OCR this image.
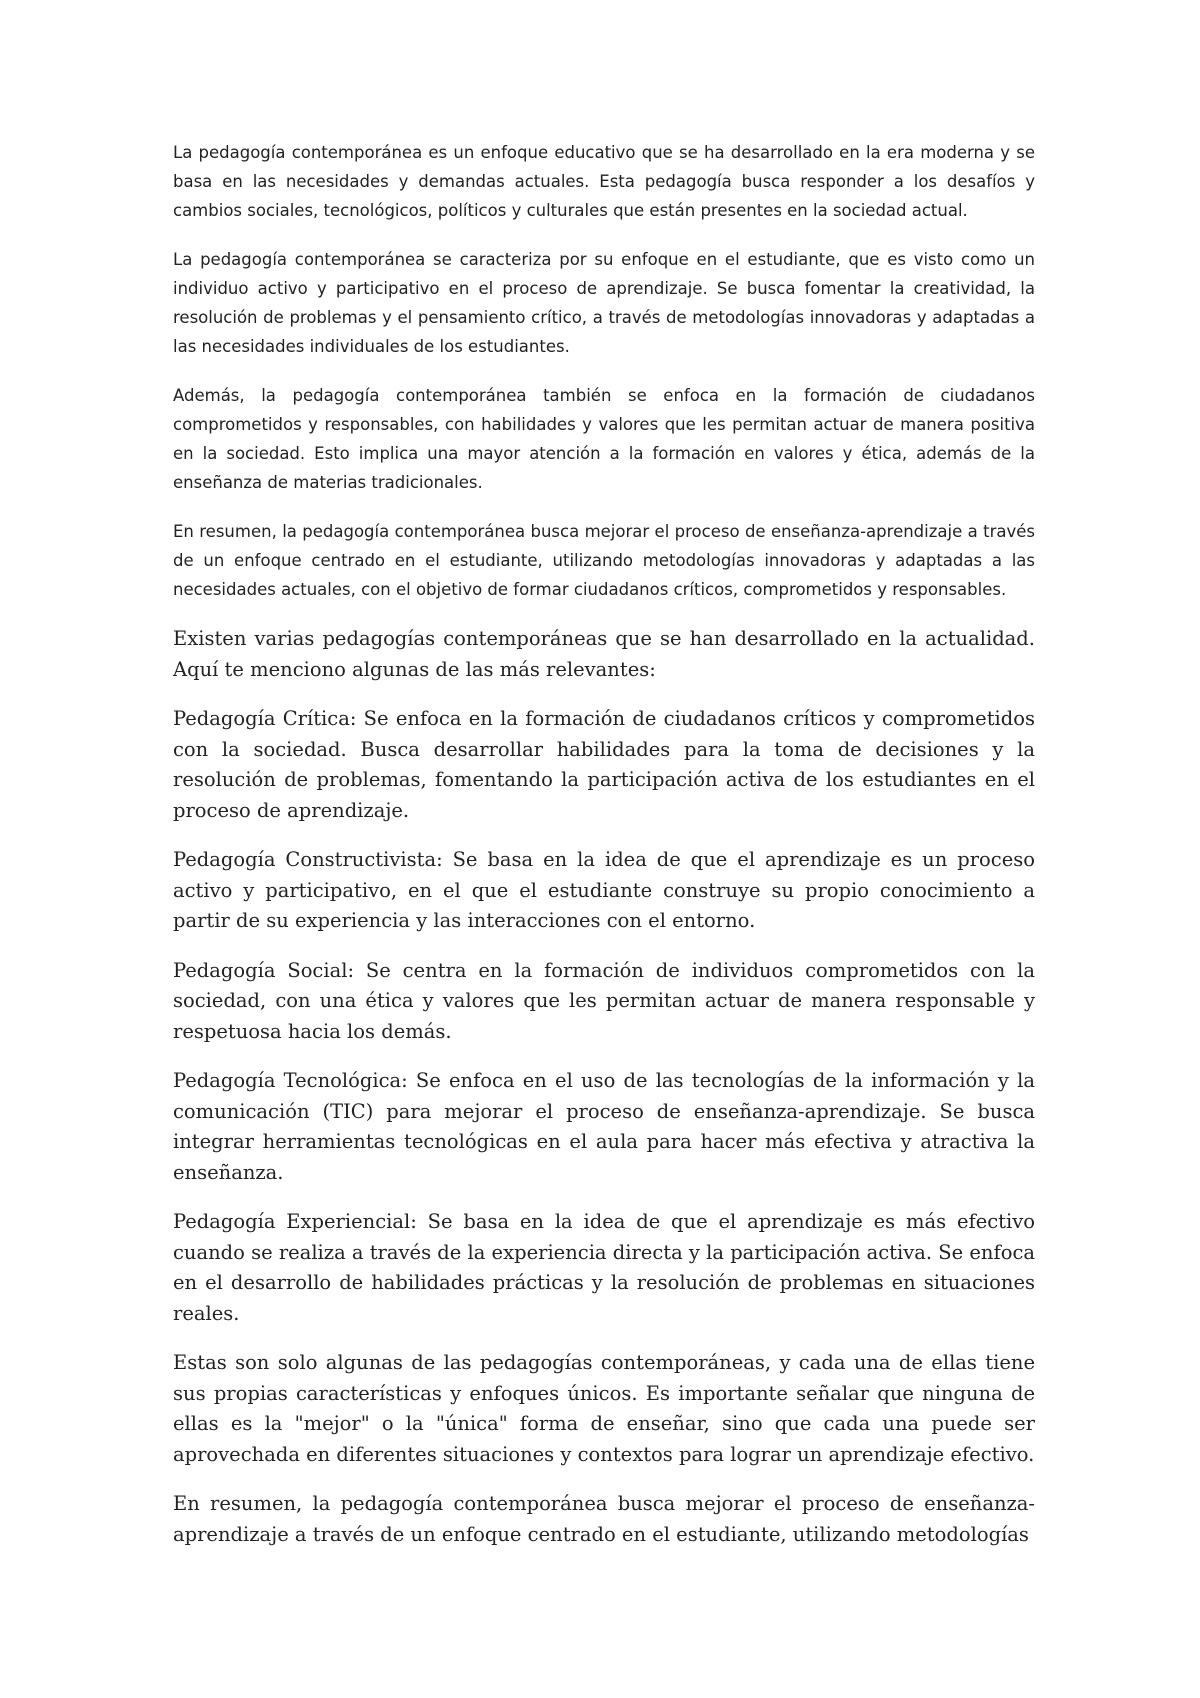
La pedagogía contemporánea es un enfoque educativo que se ha desarrollado en la era moderna y se basa en las necesidades y demandas actuales. Esta pedagogía busca responder a los desafíos y cambios sociales, tecnológicos, políticos y culturales que están presentes en la sociedad actual.

La pedagogía contemporánea se caracteriza por su enfoque en el estudiante, que es visto como un individuo activo y participativo en el proceso de aprendizaje. Se busca fomentar la creatividad, la resolución de problemas y el pensamiento crítico, a través de metodologías innovadoras y adaptadas a las necesidades individuales de los estudiantes.

Además, la pedagogía contemporánea también se enfoca en la formación de ciudadanos comprometidos y responsables, con habilidades y valores que les permitan actuar de manera positiva en la sociedad. Esto implica una mayor atención a la formación en valores y ética, además de la enseñanza de materias tradicionales.

En resumen, la pedagogía contemporánea busca mejorar el proceso de enseñanza-aprendizaje a través de un enfoque centrado en el estudiante, utilizando metodologías innovadoras y adaptadas a las necesidades actuales, con el objetivo de formar ciudadanos críticos, comprometidos y responsables.

Existen varias pedagogías contemporáneas que se han desarrollado en la actualidad. Aquí te menciono algunas de las más relevantes:

Pedagogía Crítica: Se enfoca en la formación de ciudadanos críticos y comprometidos con la sociedad. Busca desarrollar habilidades para la toma de decisiones y la resolución de problemas, fomentando la participación activa de los estudiantes en el proceso de aprendizaje.

Pedagogía Constructivista: Se basa en la idea de que el aprendizaje es un proceso activo y participativo, en el que el estudiante construye su propio conocimiento a partir de su experiencia y las interacciones con el entorno.

Pedagogía Social: Se centra en la formación de individuos comprometidos con la sociedad, con una ética y valores que les permitan actuar de manera responsable y respetuosa hacia los demás.

Pedagogía Tecnológica: Se enfoca en el uso de las tecnologías de la información y la comunicación (TIC) para mejorar el proceso de enseñanza-aprendizaje. Se busca integrar herramientas tecnológicas en el aula para hacer más efectiva y atractiva la enseñanza.

Pedagogía Experiencial: Se basa en la idea de que el aprendizaje es más efectivo cuando se realiza a través de la experiencia directa y la participación activa. Se enfoca en el desarrollo de habilidades prácticas y la resolución de problemas en situaciones reales.

Estas son solo algunas de las pedagogías contemporáneas, y cada una de ellas tiene sus propias características y enfoques únicos. Es importante señalar que ninguna de ellas es la "mejor" o la "única" forma de enseñar, sino que cada una puede ser aprovechada en diferentes situaciones y contextos para lograr un aprendizaje efectivo.

En resumen, la pedagogía contemporánea busca mejorar el proceso de enseñanza-aprendizaje a través de un enfoque centrado en el estudiante, utilizando metodologías
